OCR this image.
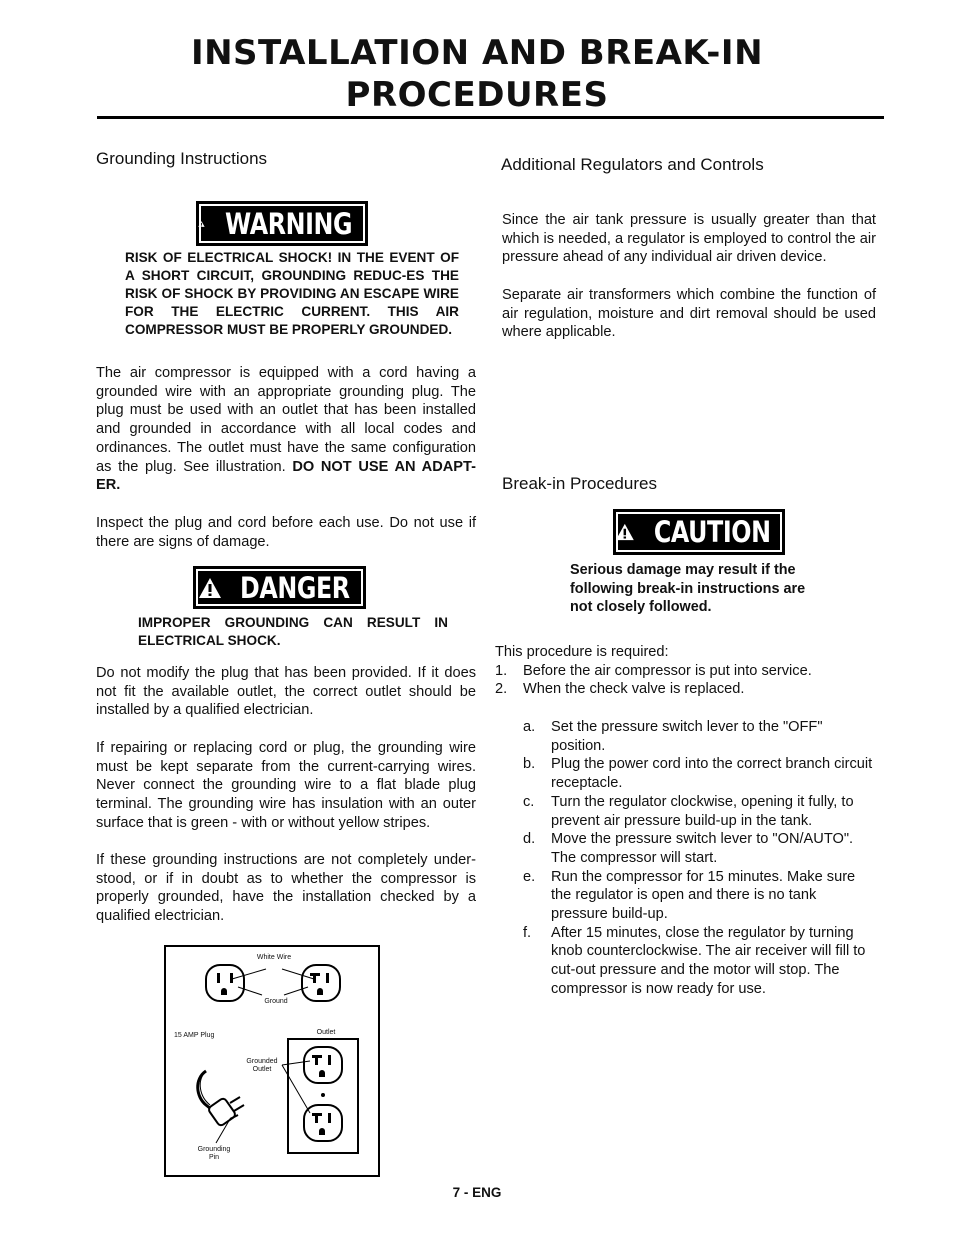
INSTALLATION AND BREAK-IN
PROCEDURES
Grounding Instructions
WARNING
RISK OF ELECTRICAL SHOCK! IN THE EVENT OF A SHORT CIRCUIT, GROUNDING REDUC-ES THE RISK OF SHOCK BY PROVIDING AN ESCAPE WIRE FOR THE ELECTRIC CURRENT. THIS AIR COMPRESSOR MUST BE PROPERLY GROUNDED.
The air compressor is equipped with a cord having a grounded wire with an appropriate grounding plug. The plug must be used with an outlet that has been installed and grounded in accordance with all local codes and ordinances. The outlet must have the same configuration as the plug. See illustration. DO NOT USE AN ADAPT-ER.
Inspect the plug and cord before each use. Do not use if there are signs of damage.
DANGER
IMPROPER GROUNDING CAN RESULT IN ELECTRICAL SHOCK.
Do not modify the plug that has been provided. If it does not fit the available outlet, the correct outlet should be installed by a qualified electrician.
If repairing or replacing cord or plug, the grounding wire must be kept separate from the current-carrying wires. Never connect the grounding wire to a flat blade plug terminal. The grounding wire has insulation with an outer surface that is green - with or without yellow stripes.
If these grounding instructions are not completely under-stood, or if in doubt as to whether the compressor is properly grounded, have the installation checked by a qualified electrician.
White Wire
Ground
15 AMP Plug	Outlet
Grounded Outlet
Grounding Pin
Additional Regulators and Controls
Since the air tank pressure is usually greater than that which is needed, a regulator is employed to control the air pressure ahead of any individual air driven device.
Separate air transformers which combine the function of air regulation, moisture and dirt removal should be used where applicable.
Break-in Procedures
CAUTION
Serious damage may result if the following break-in instructions are not closely followed.
This procedure is required:
1.	Before the air compressor is put into service.
2.	When the check valve is replaced.
a.	Set the pressure switch lever to the "OFF" position.
b.	Plug the power cord into the correct branch circuit receptacle.
c.	Turn the regulator clockwise, opening it fully, to prevent air pressure build-up in the tank.
d.	Move the pressure switch lever to "ON/AUTO". The compressor will start.
e.	Run the compressor for 15 minutes. Make sure the regulator is open and there is no tank pressure build-up.
f.	After 15 minutes, close the regulator by turning knob counterclockwise. The air receiver will fill to cut-out pressure and the motor will stop. The compressor is now ready for use.
7 - ENG
